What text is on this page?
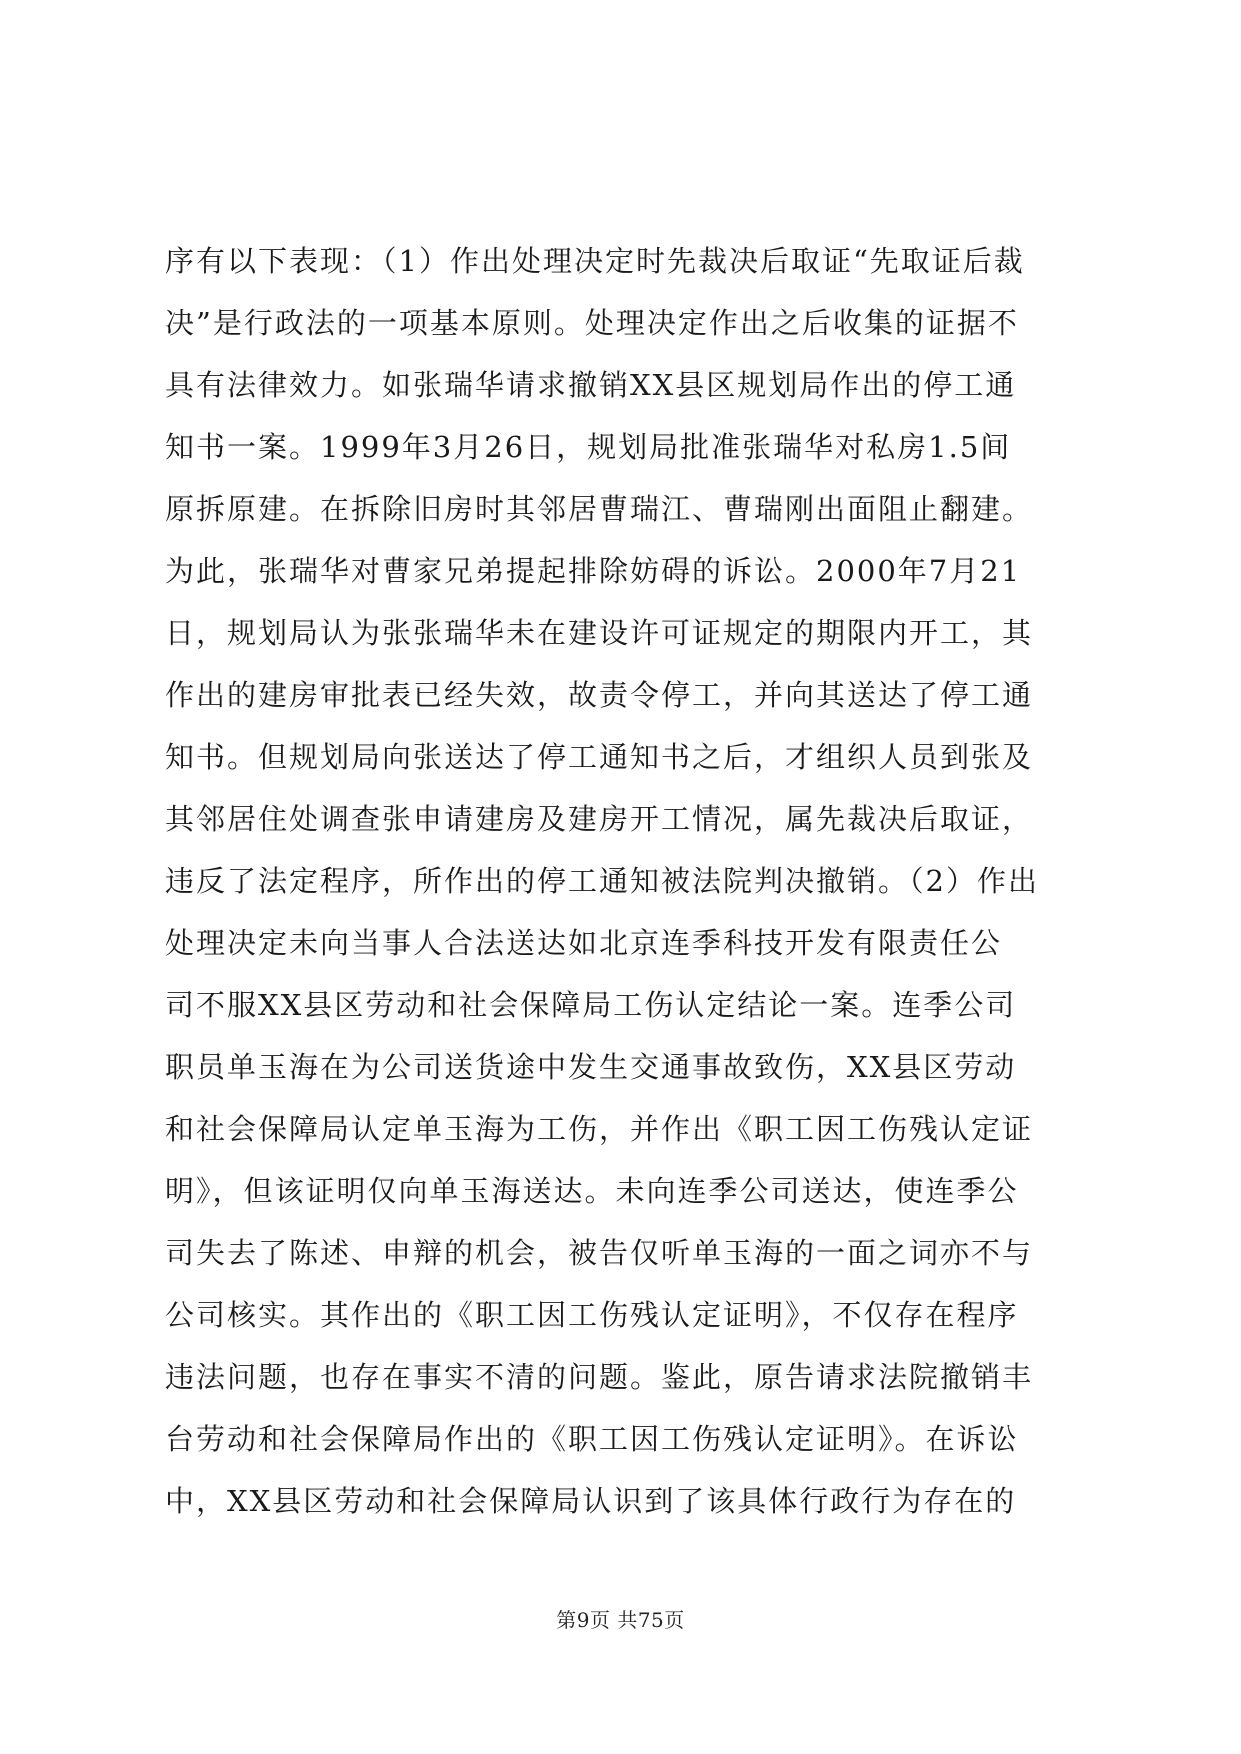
序有以下表现：（1）作出处理决定时先裁决后取证“先取证后裁
决”是行政法的一项基本原则。处理决定作出之后收集的证据不
具有法律效力。如张瑞华请求撤销XX县区规划局作出的停工通
知书一案。1999年3月26日，规划局批准张瑞华对私房1.5间
原拆原建。在拆除旧房时其邻居曹瑞江、曹瑞刚出面阻止翻建。
为此，张瑞华对曹家兄弟提起排除妨碍的诉讼。2000年7月21
日，规划局认为张张瑞华未在建设许可证规定的期限内开工，其
作出的建房审批表已经失效，故责令停工，并向其送达了停工通
知书。但规划局向张送达了停工通知书之后，才组织人员到张及
其邻居住处调查张申请建房及建房开工情况，属先裁决后取证，
违反了法定程序，所作出的停工通知被法院判决撤销。（2）作出
处理决定未向当事人合法送达如北京连季科技开发有限责任公
司不服XX县区劳动和社会保障局工伤认定结论一案。连季公司
职员单玉海在为公司送货途中发生交通事故致伤，XX县区劳动
和社会保障局认定单玉海为工伤，并作出《职工因工伤残认定证
明》，但该证明仅向单玉海送达。未向连季公司送达，使连季公
司失去了陈述、申辩的机会，被告仅听单玉海的一面之词亦不与
公司核实。其作出的《职工因工伤残认定证明》，不仅存在程序
违法问题，也存在事实不清的问题。鉴此，原告请求法院撤销丰
台劳动和社会保障局作出的《职工因工伤残认定证明》。在诉讼
中，XX县区劳动和社会保障局认识到了该具体行政行为存在的
第9页 共75页
